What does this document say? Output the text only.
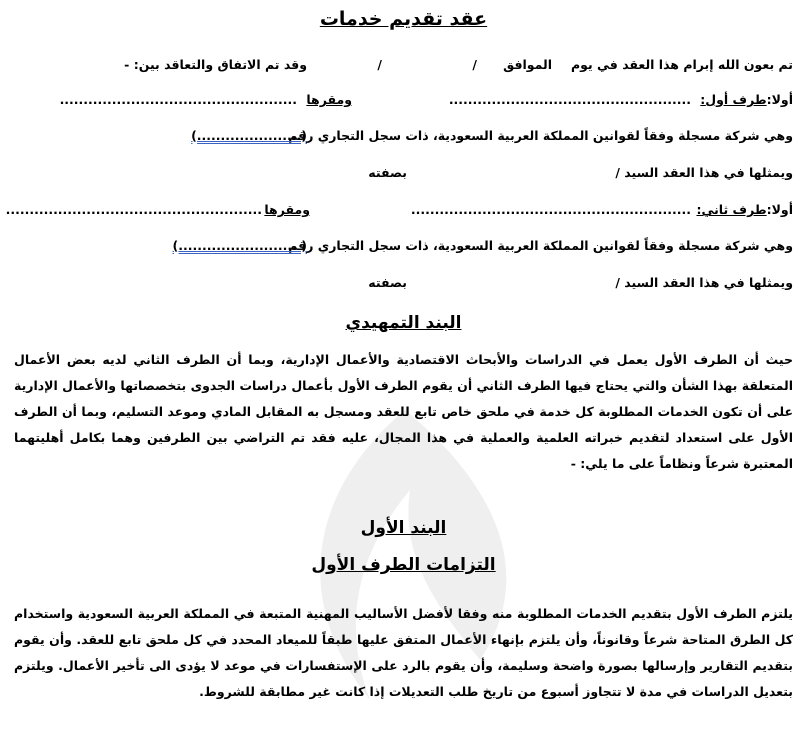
عقد تقديم خدمات
تم بعون الله إبرام هذا العقد في يوم
الموافق
/
/
وقد تم الاتفاق والتعاقد بين: -
أولا:طرف أول:
...................................................
ومقرها
..................................................
وهي شركة مسجلة وفقاً لقوانين المملكة العربية السعودية، ذات سجل التجاري رقم
(......................)
ويمثلها في هذا العقد السيد /
بصفته
أولا:طرف ثاني:
...........................................................
ومقرها
......................................................
وهي شركة مسجلة وفقاً لقوانين المملكة العربية السعودية، ذات سجل التجاري رقم
( .........................)
ويمثلها في هذا العقد السيد /
بصفته
البند التمهيدي
حيث أن الطرف الأول يعمل في الدراسات والأبحاث الاقتصادية والأعمال الإدارية، وبما أن الطرف الثاني لديه بعض الأعمال المتعلقة بهذا الشأن والتي يحتاج فيها الطرف الثاني أن يقوم الطرف الأول بأعمال دراسات الجدوى بتخصصاتها والأعمال الإدارية على أن تكون الخدمات المطلوبة كل خدمة في ملحق خاص تابع للعقد ومسجل به المقابل المادي وموعد التسليم، وبما أن الطرف الأول على استعداد لتقديم خبراته العلمية والعملية في هذا المجال، عليه فقد تم التراضي بين الطرفين وهما بكامل أهليتهما المعتبرة شرعاً ونظاماً على ما يلي: -
البند الأول
التزامات الطرف الأول
يلتزم الطرف الأول بتقديم الخدمات المطلوبة منه وفقا لأفضل الأساليب المهنية المتبعة في المملكة العربية السعودية واستخدام كل الطرق المتاحة شرعاً وقانوناً، وأن يلتزم بإنهاء الأعمال المتفق عليها طبقاً للميعاد المحدد في كل ملحق تابع للعقد. وأن يقوم بتقديم التقارير وإرسالها بصورة واضحة وسليمة، وأن يقوم بالرد على الإستفسارات في موعد لا يؤدى الى تأخير الأعمال. ويلتزم بتعديل الدراسات في مدة لا تتجاوز أسبوع من تاريخ طلب التعديلات إذا كانت غير مطابقة للشروط.
